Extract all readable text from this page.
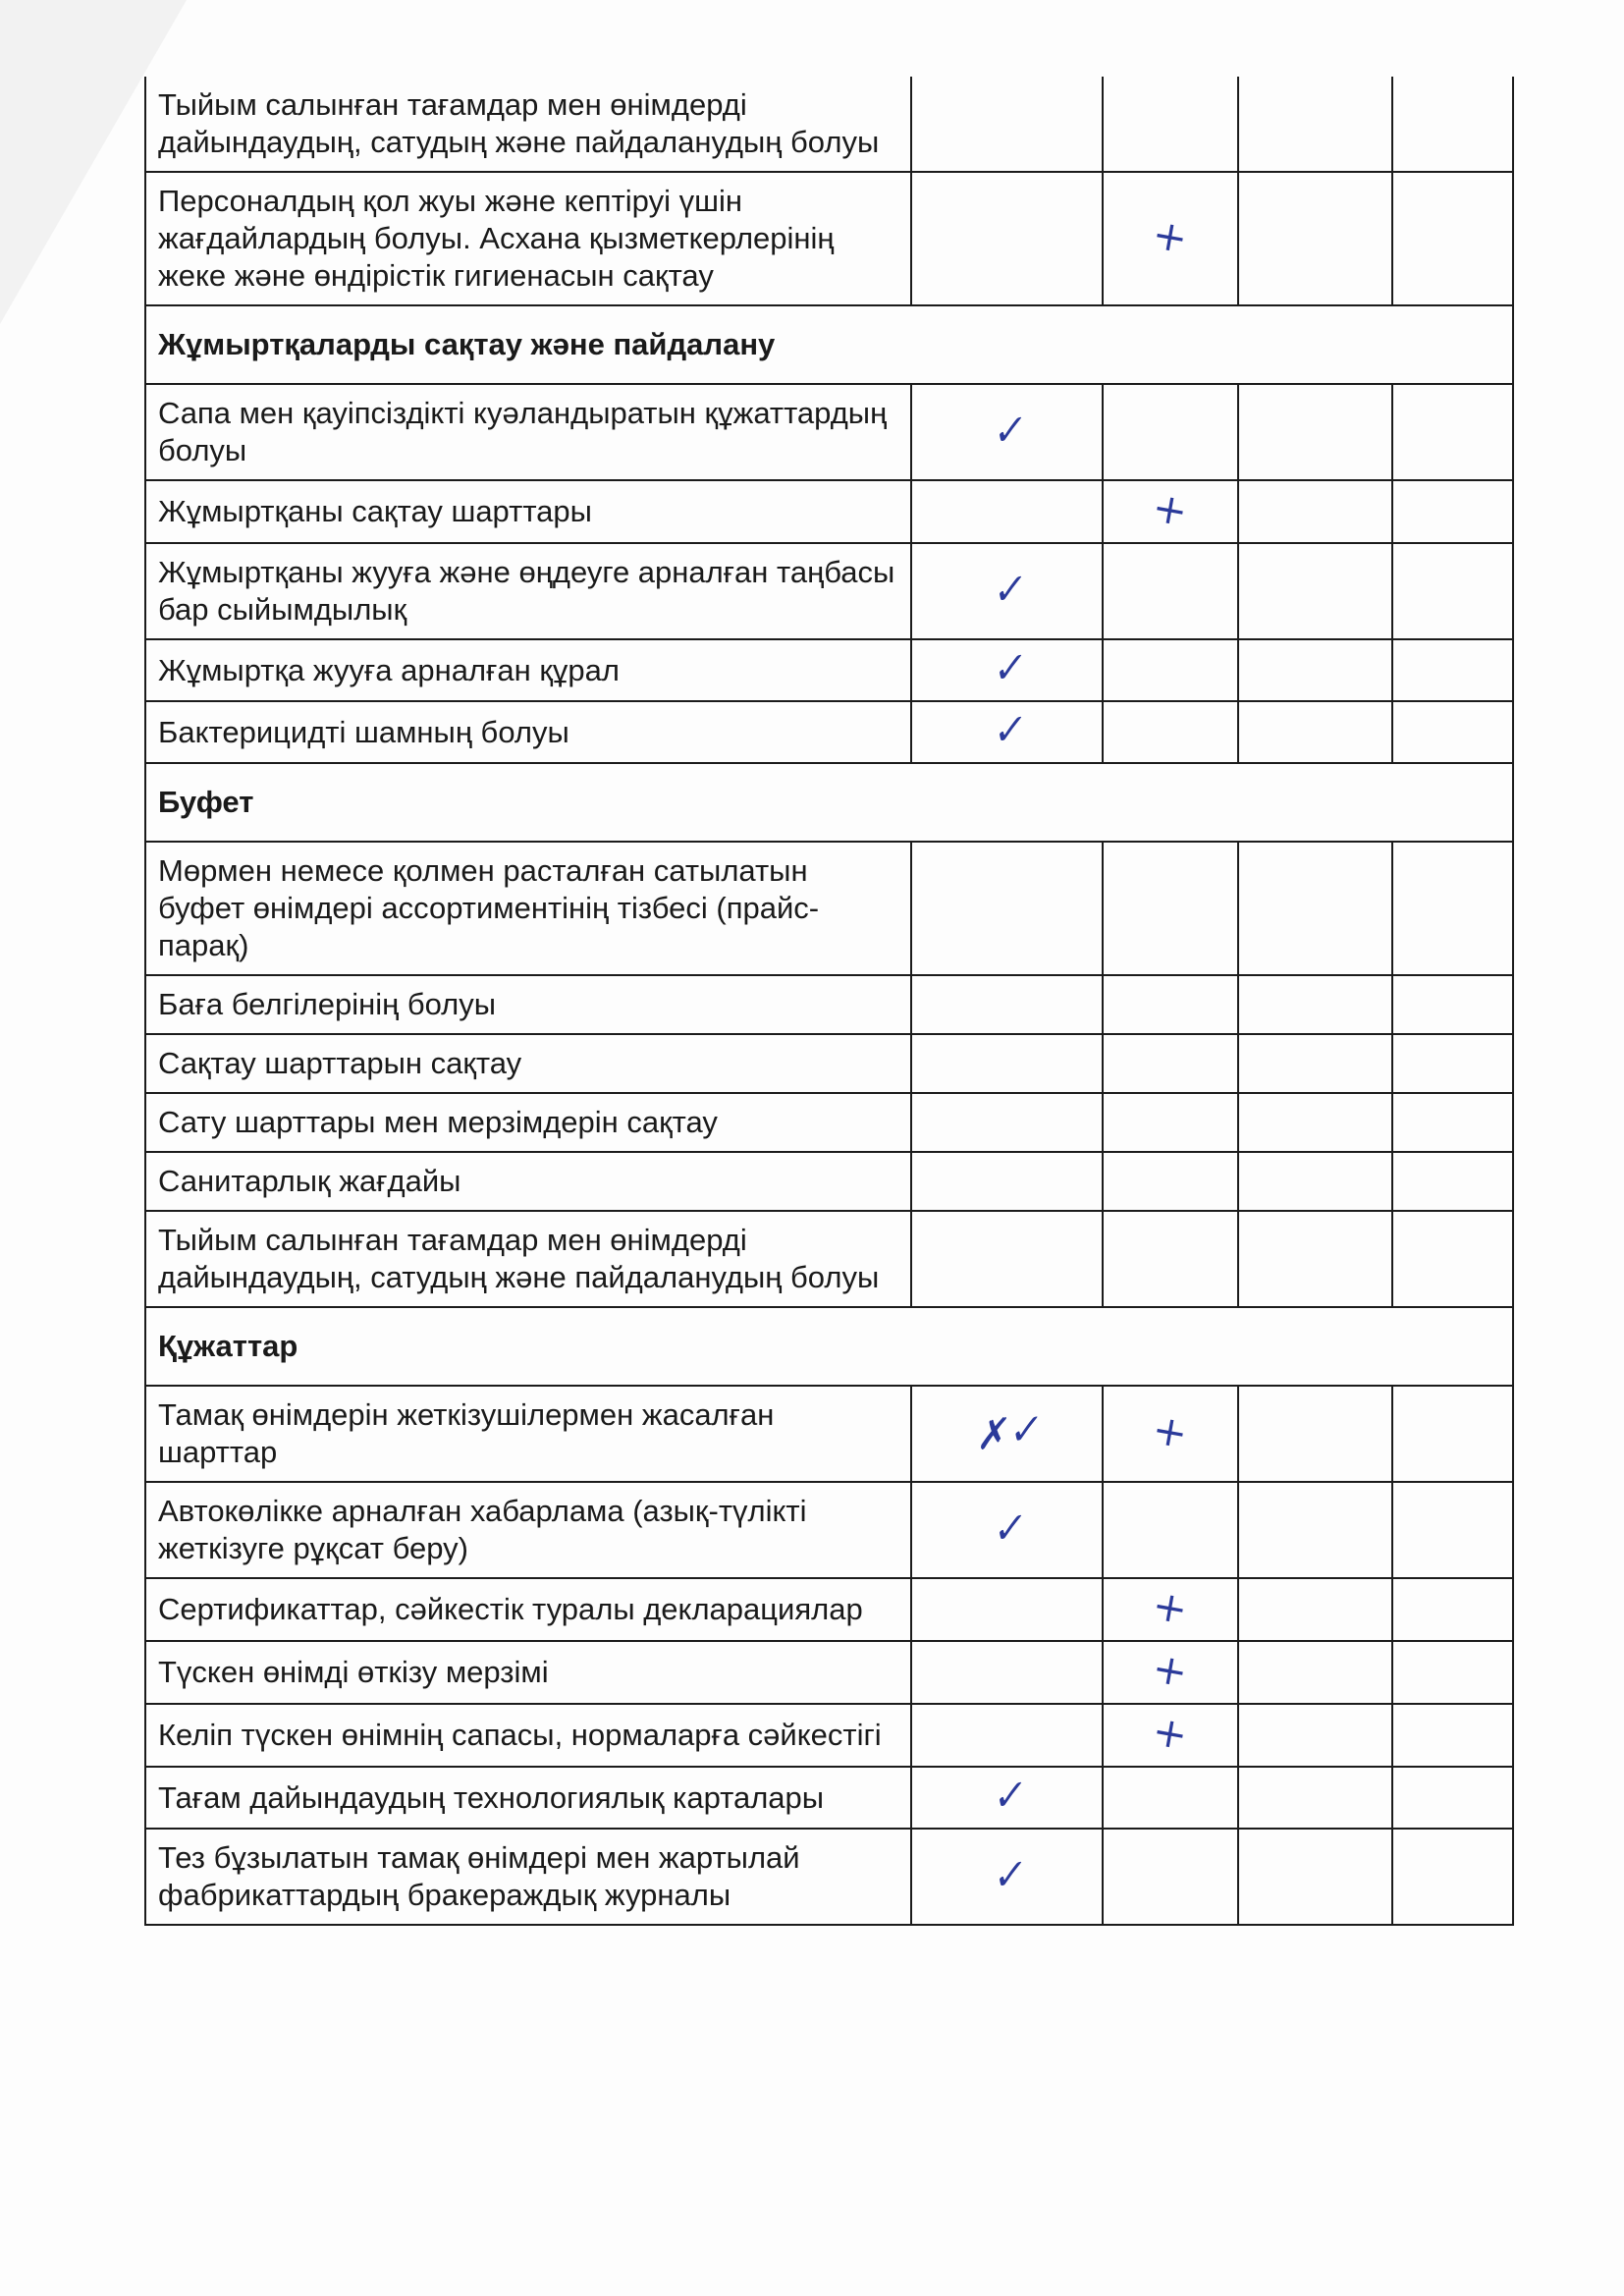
Тыйым салынған тағамдар мен өнімдерді дайындаудың, сатудың және пайдаланудың болуы				
Персоналдың қол жуы және кептіруі үшін жағдайлардың болуы. Асхана қызметкерлерінің жеке және өндірістік гигиенасын сақтау		+		
Жұмыртқаларды сақтау және пайдалану				
Сапа мен қауіпсіздікті куәландыратын құжаттардың болуы	✓			
Жұмыртқаны сақтау шарттары		+		
Жұмыртқаны жууға және өңдеуге арналған таңбасы бар сыйымдылық	✓			
Жұмыртқа жууға арналған құрал	✓			
Бактерицидті шамның болуы	✓			
Буфет				
Мөрмен немесе қолмен расталған сатылатын буфет өнімдері ассортиментінің тізбесі (прайс-парақ)				
Баға белгілерінің болуы				
Сақтау шарттарын сақтау				
Сату шарттары мен мерзімдерін сақтау				
Санитарлық жағдайы				
Тыйым салынған тағамдар мен өнімдерді дайындаудың, сатудың және пайдаланудың болуы				
Құжаттар				
Тамақ өнімдерін жеткізушілермен жасалған шарттар	✗✓	+		
Автокөлікке арналған хабарлама (азық-түлікті жеткізуге рұқсат беру)	✓			
Сертификаттар, сәйкестік туралы декларациялар		+		
Түскен өнімді өткізу мерзімі		+		
Келіп түскен өнімнің сапасы, нормаларға сәйкестігі		+		
Тағам дайындаудың технологиялық карталары	✓			
Тез бұзылатын тамақ өнімдері мен жартылай фабрикаттардың бракераждық журналы	✓			
